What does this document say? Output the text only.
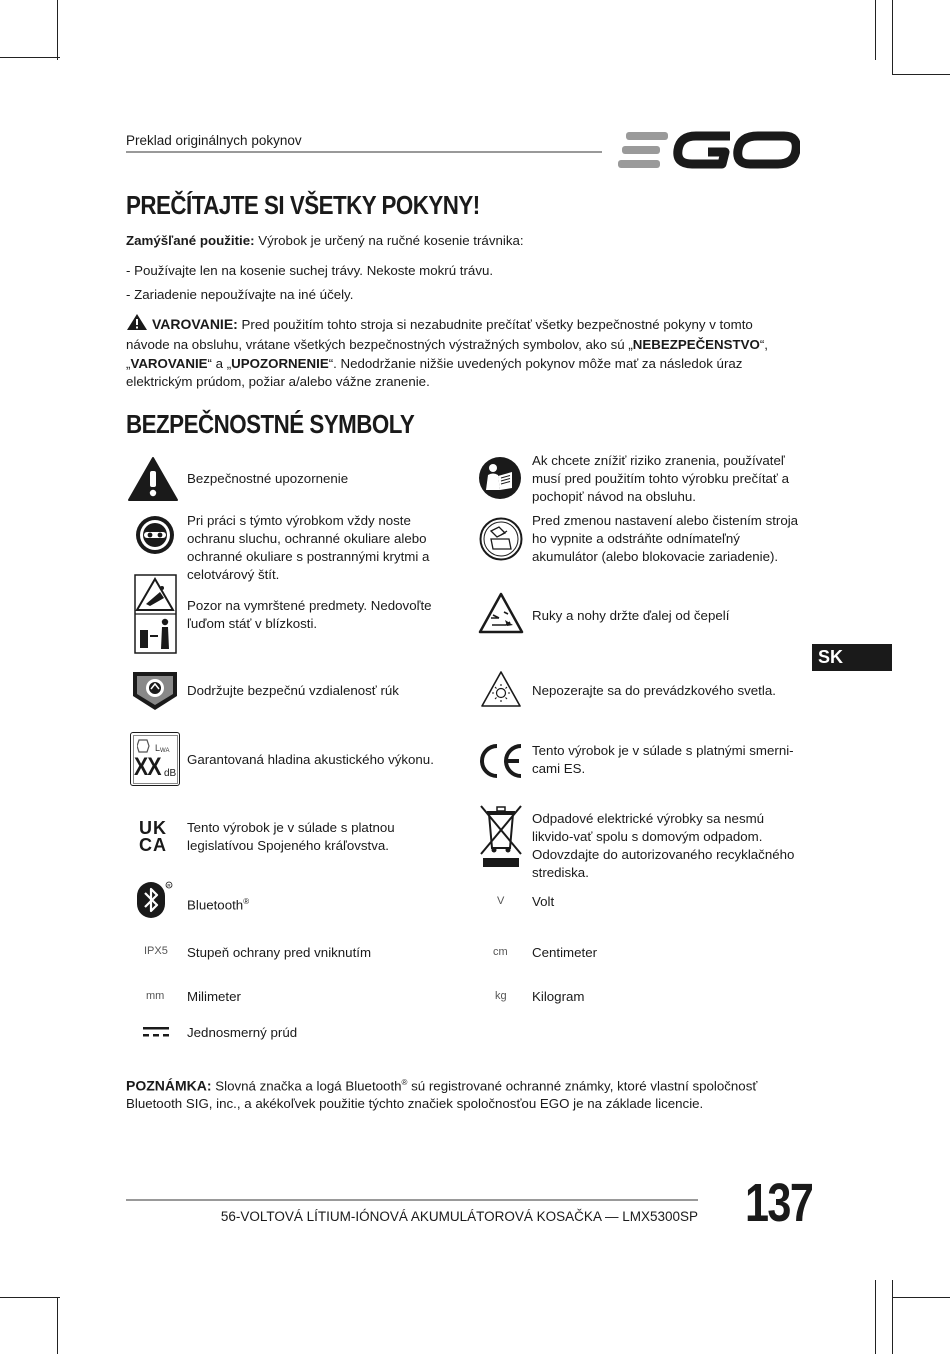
Preklad originálnych pokynov
PREČÍTAJTE SI VŠETKY POKYNY!
Zamýšľané použitie: Výrobok je určený na ručné kosenie trávnika:
- Používajte len na kosenie suchej trávy. Nekoste mokrú trávu.
- Zariadenie nepoužívajte na iné účely.
VAROVANIE: Pred použitím tohto stroja si nezabudnite prečítať všetky bezpečnostné pokyny v tomto návode na obsluhu, vrátane všetkých bezpečnostných výstražných symbolov, ako sú „NEBEZPEČENSTVO“, „VAROVANIE“ a „UPOZORNENIE“. Nedodržanie nižšie uvedených pokynov môže mať za následok úraz elektrickým prúdom, požiar a/alebo vážne zranenie.
BEZPEČNOSTNÉ SYMBOLY
Bezpečnostné upozornenie
Pri práci s týmto výrobkom vždy noste ochranu sluchu, ochranné okuliare alebo ochranné okuliare s postrannými krytmi a celotvárový štít.
Pozor na vymrštené predmety. Nedovoľte ľuďom stáť v blízkosti.
Dodržujte bezpečnú vzdialenosť rúk
L WA
XX dB
Garantovaná hladina akustického výkonu.
UK
CA
Tento výrobok je v súlade s platnou legislatívou Spojeného kráľovstva.
R
Bluetooth®
IPX5 Stupeň ochrany pred vniknutím
mm Milimeter
Jednosmerný prúd
Ak chcete znížiť riziko zranenia, používateľ musí pred použitím tohto výrobku prečítať a pochopiť návod na obsluhu.
Pred zmenou nastavení alebo čistením stroja ho vypnite a odstráňte odnímateľný akumulátor (alebo blokovacie zariadenie).
Ruky a nohy držte ďalej od čepelí
Nepozerajte sa do prevádzkového svetla.
Tento výrobok je v súlade s platnými smerni-cami ES.
Odpadové elektrické výrobky sa nesmú likvido-vať spolu s domovým odpadom. Odovzdajte do autorizovaného recyklačného strediska.
V Volt
cm Centimeter
kg Kilogram
SK
POZNÁMKA: Slovná značka a logá Bluetooth® sú registrované ochranné známky, ktoré vlastní spoločnosť Bluetooth SIG, inc., a akékoľvek použitie týchto značiek spoločnosťou EGO je na základe licencie.
56-VOLTOVÁ LÍTIUM-IÓNOVÁ AKUMULÁTOROVÁ KOSAČKA — LMX5300SP 137
